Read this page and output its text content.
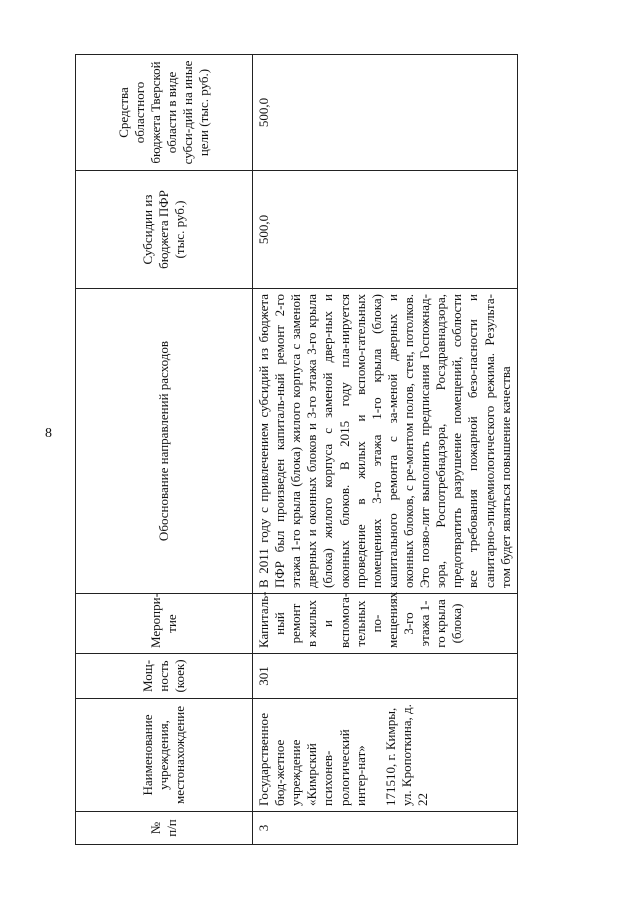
8
№ п/п	Наименование учреждения, местонахождение	Мощ-ность (коек)	Меропри-тие	Обоснование направлений расходов	Субсидии из бюджета ПФР (тыс. руб.)	Средства областного бюджета Тверской области в виде субси-дий на иные цели (тыс. руб.)
3	Государственное бюд-жетное учреждение «Кимрский психонев-рологический интер-нат» 171510, г. Кимры, ул. Кропоткина, д. 22	301	Капиталь-ный ремонт в жилых и вспомога-тельных по-мещениях 3-го этажа 1-го крыла (блока)	В 2011 году с привлечением субсидий из бюджета ПФР был произведен капиталь-ный ремонт 2-го этажа 1-го крыла (блока) жилого корпуса с заменой дверных и оконных блоков и 3-го этажа 3-го крыла (блока) жилого корпуса с заменой двер-ных и оконных блоков. В 2015 году пла-нируется проведение в жилых и вспомо-гательных помещениях 3-го этажа 1-го крыла (блока) капитального ремонта с за-меной дверных и оконных блоков, с ре-монтом полов, стен, потолков. Это позво-лит выполнить предписания Госпожнад-зора, Роспотребнадзора, Росздравнадзора, предотвратить разрушение помещений, соблюсти все требования пожарной безо-пасности и санитарно-эпидемиологического режима. Результа-том будет являться повышение качества	500,0	500,0
